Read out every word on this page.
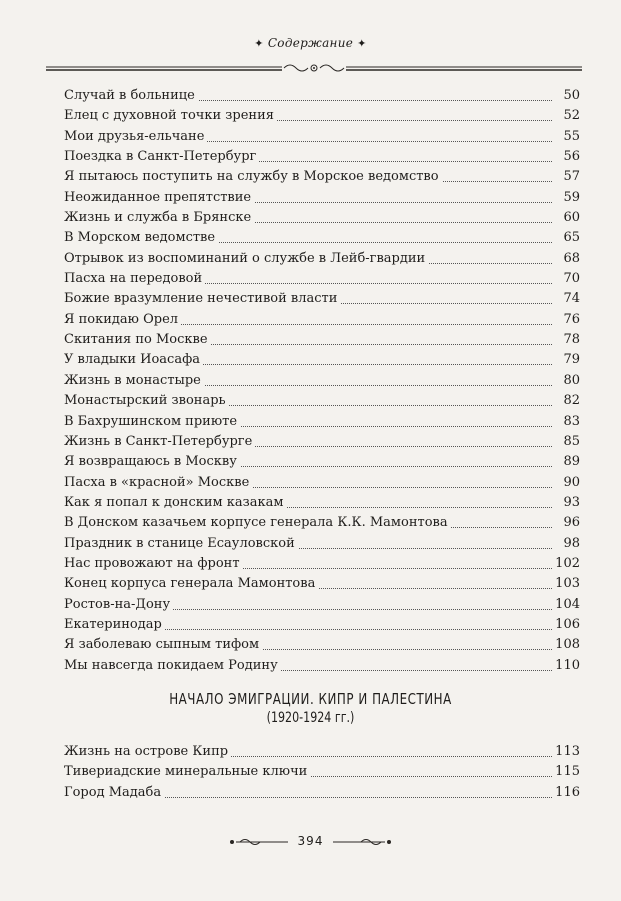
✦ Содержание ✦
Случай в больнице	50
Елец с духовной точки зрения	52
Мои друзья-ельчане	55
Поездка в Санкт-Петербург	56
Я пытаюсь поступить на службу в Морское ведомство	57
Неожиданное препятствие	59
Жизнь и служба в Брянске	60
В Морском ведомстве	65
Отрывок из воспоминаний о службе в Лейб-гвардии	68
Пасха на передовой	70
Божие вразумление нечестивой власти	74
Я покидаю Орел	76
Скитания по Москве	78
У владыки Иоасафа	79
Жизнь в монастыре	80
Монастырский звонарь	82
В Бахрушинском приюте	83
Жизнь в Санкт-Петербурге	85
Я возвращаюсь в Москву	89
Пасха в «красной» Москве	90
Как я попал к донским казакам	93
В Донском казачьем корпусе генерала К.К. Мамонтова	96
Праздник в станице Есауловской	98
Нас провожают на фронт	102
Конец корпуса генерала Мамонтова	103
Ростов-на-Дону	104
Екатеринодар	106
Я заболеваю сыпным тифом	108
Мы навсегда покидаем Родину	110
НАЧАЛО ЭМИГРАЦИИ. КИПР И ПАЛЕСТИНА
(1920-1924 гг.)
Жизнь на острове Кипр	113
Тивериадские минеральные ключи	115
Город Мадаба	116
394
